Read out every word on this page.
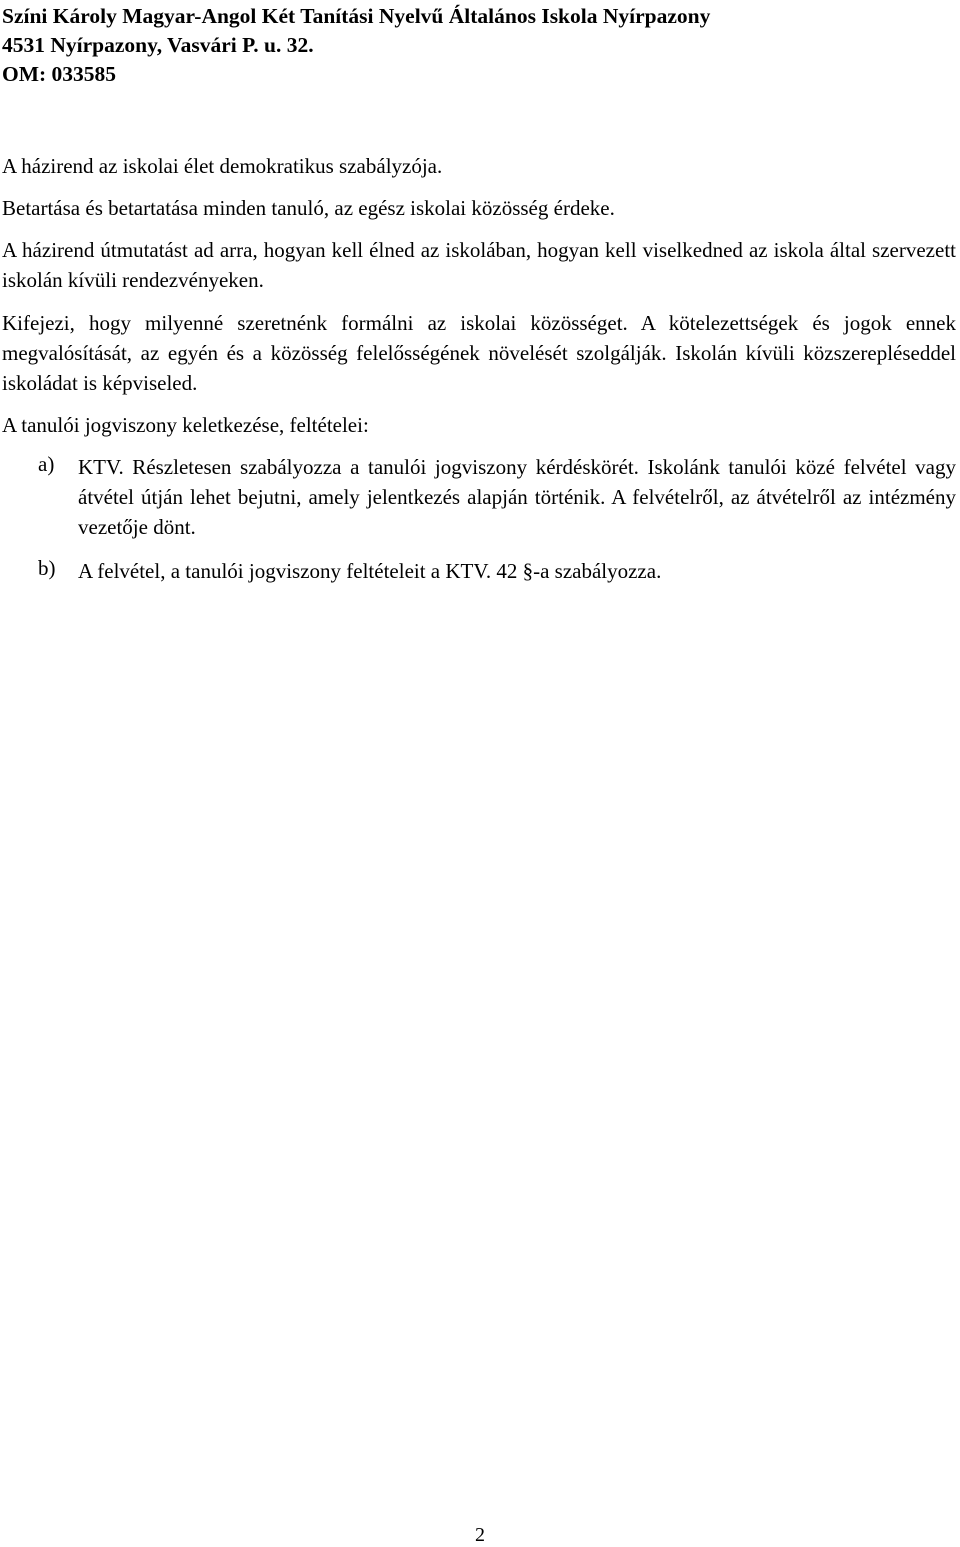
Színi Károly Magyar-Angol Két Tanítási Nyelvű Általános Iskola Nyírpazony
4531 Nyírpazony, Vasvári P. u. 32.
OM: 033585

A házirend az iskolai élet demokratikus szabályzója.

Betartása és betartatása minden tanuló, az egész iskolai közösség érdeke.

A házirend útmutatást ad arra, hogyan kell élned az iskolában, hogyan kell viselkedned az iskola által szervezett iskolán kívüli rendezvényeken.

Kifejezi, hogy milyenné szeretnénk formálni az iskolai közösséget. A kötelezettségek és jogok ennek megvalósítását, az egyén és a közösség felelősségének növelését szolgálják. Iskolán kívüli közszerepléseddel iskoládat is képviseled.

A tanulói jogviszony keletkezése, feltételei:

a) KTV. Részletesen szabályozza a tanulói jogviszony kérdéskörét. Iskolánk tanulói közé felvétel vagy átvétel útján lehet bejutni, amely jelentkezés alapján történik. A felvételről, az átvételről az intézmény vezetője dönt.
b) A felvétel, a tanulói jogviszony feltételeit a KTV. 42 §-a szabályozza.
2
